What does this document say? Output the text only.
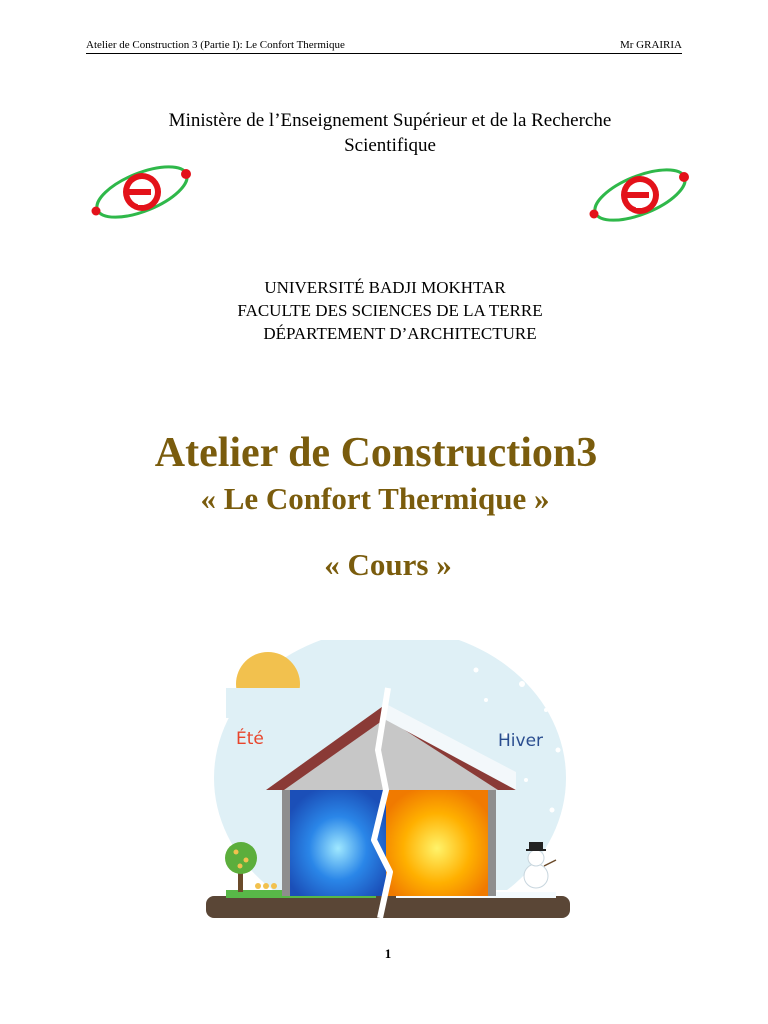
Atelier de Construction 3 (Partie I): Le Confort Thermique	Mr GRAIRIA
Ministère de l’Enseignement Supérieur et de la Recherche
Scientifique
UNIVERSITÉ BADJI MOKHTAR
FACULTE DES SCIENCES DE LA TERRE
DÉPARTEMENT D’ARCHITECTURE
Atelier de Construction3
« Le Confort Thermique »
« Cours »
Été	Hiver
1
